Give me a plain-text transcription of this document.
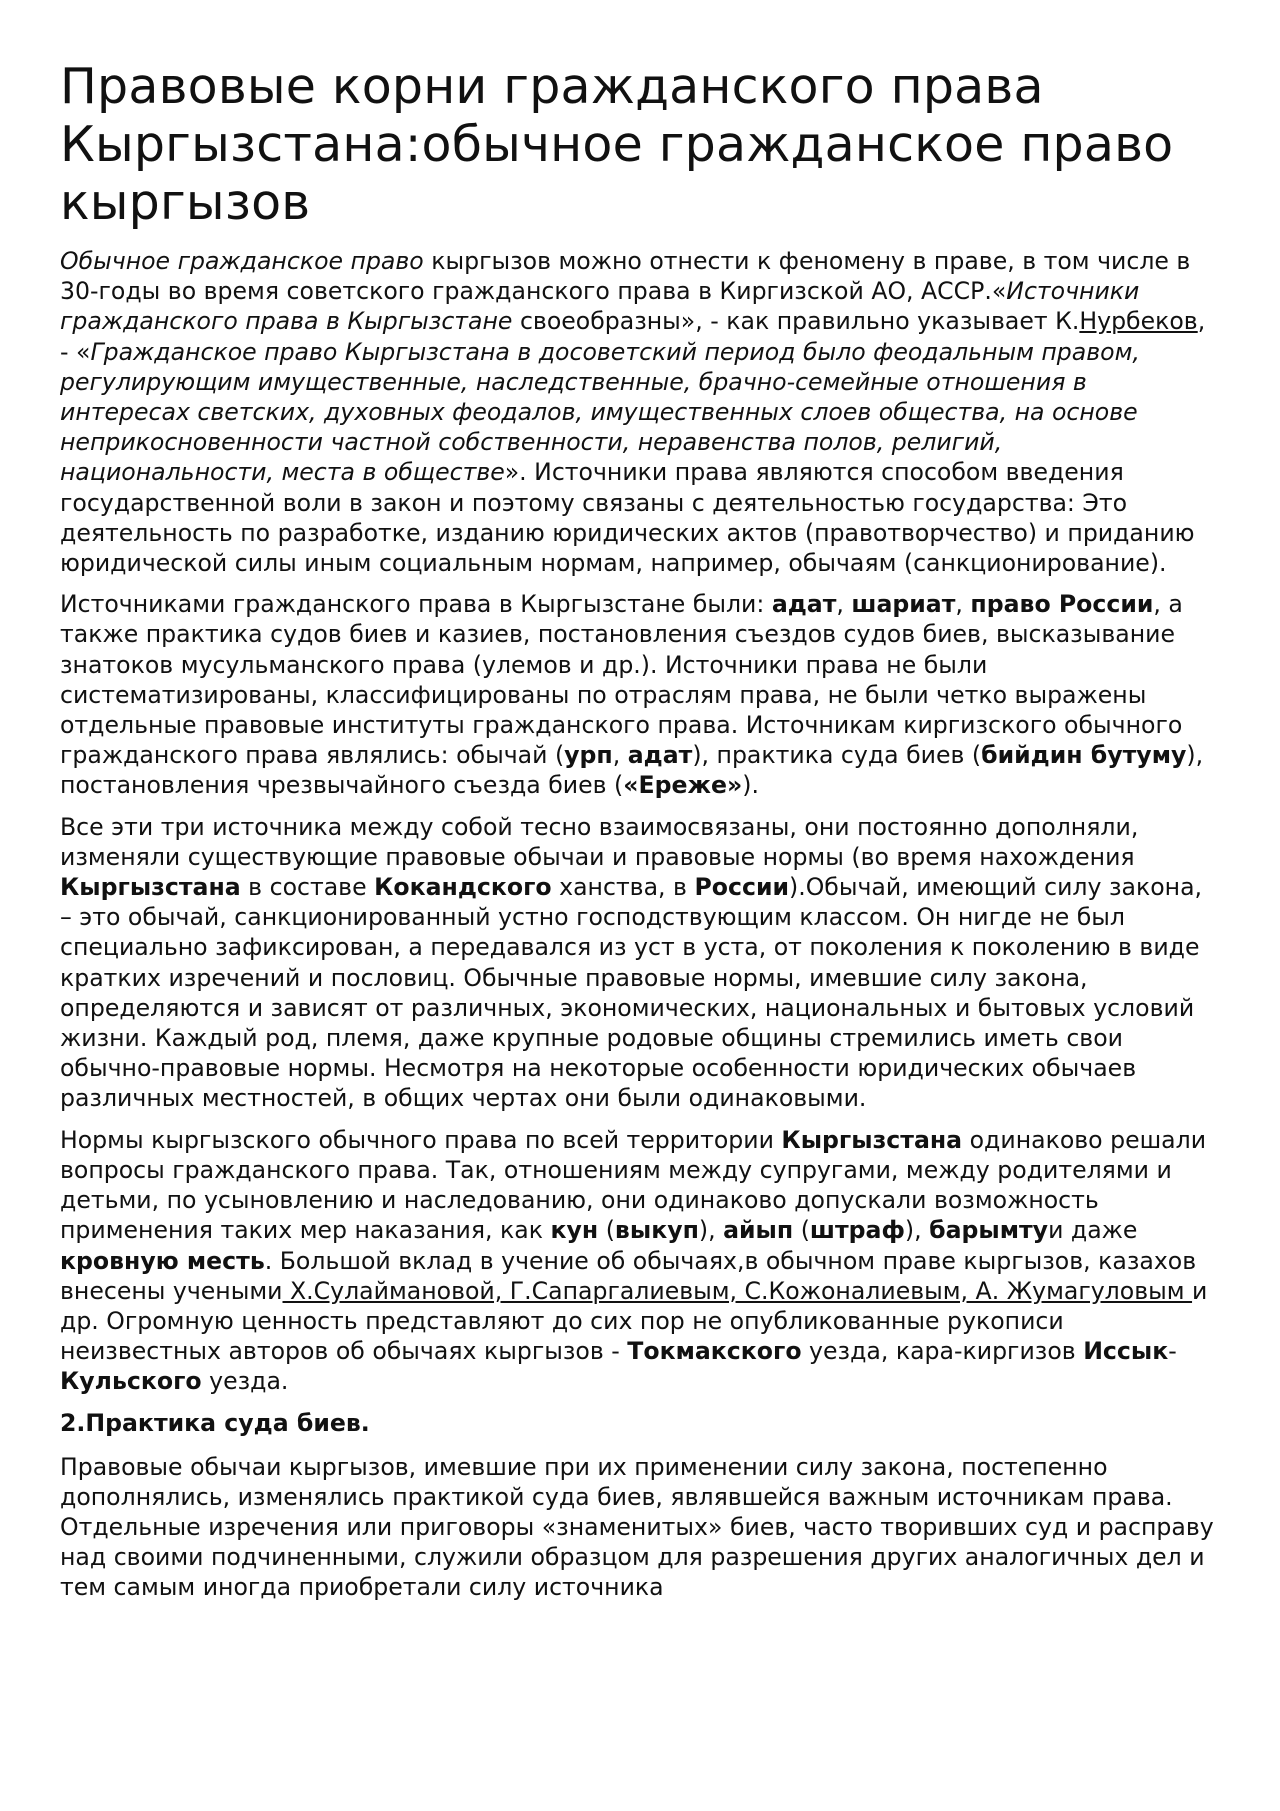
Правовые корни гражданского права Кыргызстана:обычное гражданское право кыргызов

Обычное гражданское право кыргызов можно отнести к феномену в праве, в том числе в 30-годы во время советского гражданского права в Киргизской АО, АССР.«Источники гражданского права в Кыргызстане своеобразны», - как правильно указывает К.Нурбеков, - «Гражданское право Кыргызстана в досоветский период было феодальным правом, регулирующим имущественные, наследственные, брачно-семейные отношения в интересах светских, духовных феодалов, имущественных слоев общества, на основе неприкосновенности частной собственности, неравенства полов, религий, национальности, места в обществе». Источники права являются способом введения государственной воли в закон и поэтому связаны с деятельностью государства: Это деятельность по разработке, изданию юридических актов (правотворчество) и приданию юридической силы иным социальным нормам, например, обычаям (санкционирование).

Источниками гражданского права в Кыргызстане были: адат, шариат, право России, а также практика судов биев и казиев, постановления съездов судов биев, высказывание знатоков мусульманского права (улемов и др.). Источники права не были систематизированы, классифицированы по отраслям права, не были четко выражены отдельные правовые институты гражданского права. Источникам киргизского обычного гражданского права являлись: обычай (урп, адат), практика суда биев (бийдин бутуму), постановления чрезвычайного съезда биев («Ереже»).

Все эти три источника между собой тесно взаимосвязаны, они постоянно дополняли, изменяли существующие правовые обычаи и правовые нормы (во время нахождения Кыргызстана в составе Кокандского ханства, в России).Обычай, имеющий силу закона, – это обычай, санкционированный устно господствующим классом. Он нигде не был специально зафиксирован, а передавался из уст в уста, от поколения к поколению в виде кратких изречений и пословиц. Обычные правовые нормы, имевшие силу закона, определяются и зависят от различных, экономических, национальных и бытовых условий жизни. Каждый род, племя, даже крупные родовые общины стремились иметь свои обычно-правовые нормы. Несмотря на некоторые особенности юридических обычаев различных местностей, в общих чертах они были одинаковыми.

Нормы кыргызского обычного права по всей территории Кыргызстана одинаково решали вопросы гражданского права. Так, отношениям между супругами, между родителями и детьми, по усыновлению и наследованию, они одинаково допускали возможность применения таких мер наказания, как кун (выкуп), айып (штраф), барымтуи даже кровную месть. Большой вклад в учение об обычаях,в обычном праве кыргызов, казахов внесены учеными Х.Сулаймановой, Г.Сапаргалиевым, С.Кожоналиевым, А. Жумагуловым и др. Огромную ценность представляют до сих пор не опубликованные рукописи неизвестных авторов об обычаях кыргызов - Токмакского уезда, кара-киргизов Иссык-Кульского уезда.

2.Практика суда биев.

Правовые обычаи кыргызов, имевшие при их применении силу закона, постепенно дополнялись, изменялись практикой суда биев, являвшейся важным источникам права. Отдельные изречения или приговоры «знаменитых» биев, часто творивших суд и расправу над своими подчиненными, служили образцом для разрешения других аналогичных дел и тем самым иногда приобретали силу источника
